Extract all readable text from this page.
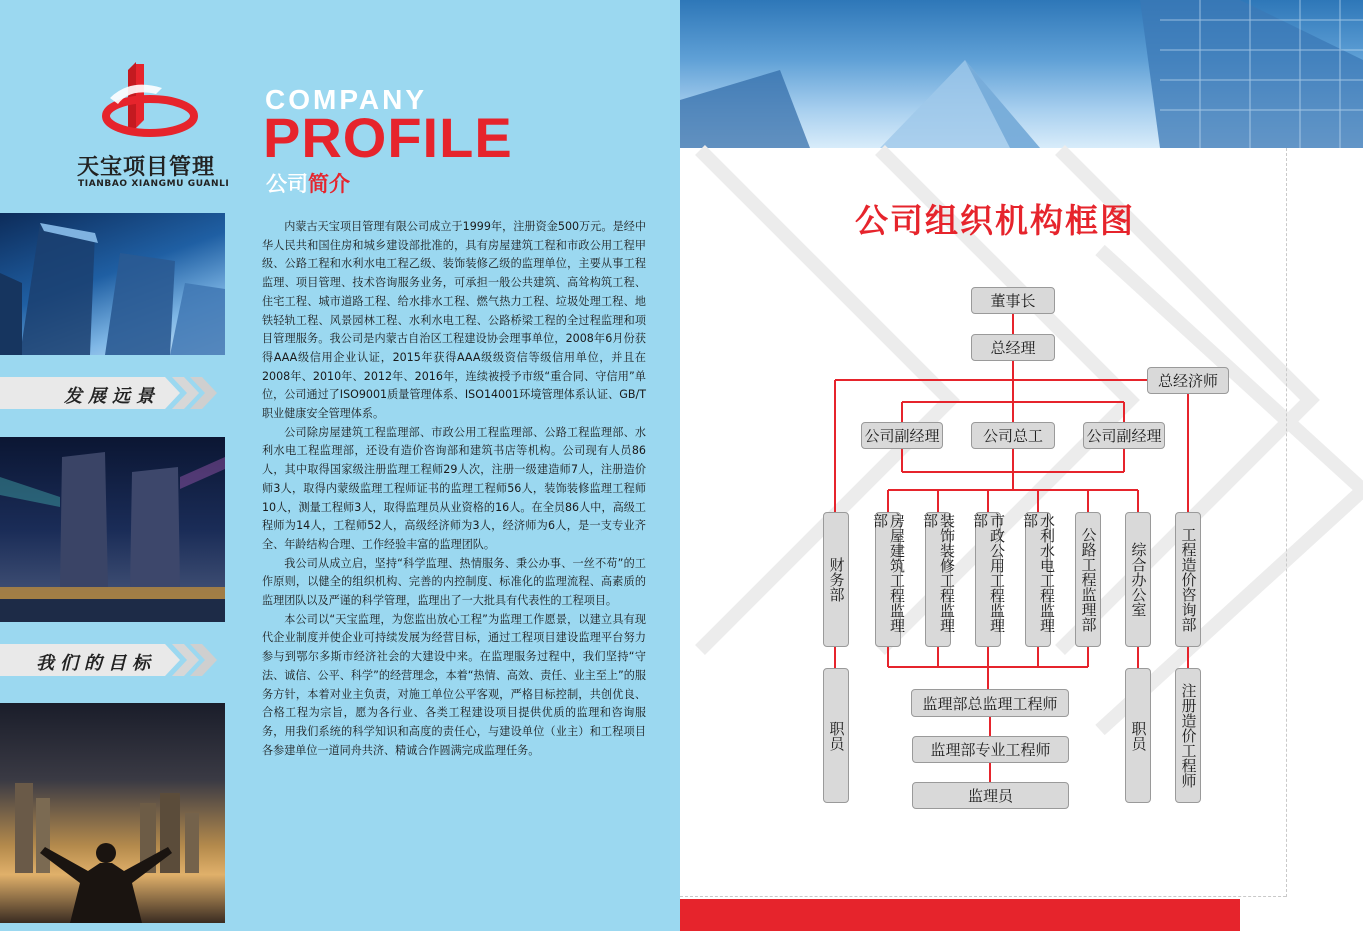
天宝项目管理
TIANBAO XIANGMU GUANLI
COMPANY
PROFILE
公司简介
发展远景
我们的目标

内蒙古天宝项目管理有限公司成立于1999年，注册资金500万元。是经中华人民共和国住房和城乡建设部批准的，具有房屋建筑工程和市政公用工程甲级、公路工程和水利水电工程乙级、装饰装修乙级的监理单位，主要从事工程监理、项目管理、技术咨询服务业务，可承担一般公共建筑、高耸构筑工程、住宅工程、城市道路工程、给水排水工程、燃气热力工程、垃圾处理工程、地铁轻轨工程、风景园林工程、水利水电工程、公路桥梁工程的全过程监理和项目管理服务。我公司是内蒙古自治区工程建设协会理事单位，2008年6月份获得AAA级信用企业认证，2015年获得AAA级级资信等级信用单位，并且在2008年、2010年、2012年、2016年，连续被授予市级“重合同、守信用”单位，公司通过了ISO9001质量管理体系、ISO14001环境管理体系认证、GB/T职业健康安全管理体系。

公司除房屋建筑工程监理部、市政公用工程监理部、公路工程监理部、水利水电工程监理部，还设有造价咨询部和建筑书店等机构。公司现有人员86人，其中取得国家级注册监理工程师29人次，注册一级建造师7人，注册造价师3人，取得内蒙级监理工程师证书的监理工程师56人，装饰装修监理工程师10人，测量工程师3人，取得监理员从业资格的16人。在全员86人中，高级工程师为14人，工程师52人，高级经济师为3人，经济师为6人，是一支专业齐全、年龄结构合理、工作经验丰富的监理团队。

我公司从成立启，坚持“科学监理、热情服务、秉公办事、一丝不苟”的工作原则，以健全的组织机构、完善的内控制度、标准化的监理流程、高素质的监理团队以及严谨的科学管理，监理出了一大批具有代表性的工程项目。

本公司以“天宝监理，为您监出放心工程”为监理工作愿景，以建立具有现代企业制度并使企业可持续发展为经营目标，通过工程项目建设监理平台努力参与到鄂尔多斯市经济社会的大建设中来。在监理服务过程中，我们坚持“守法、诚信、公平、科学”的经营理念，本着“热情、高效、责任、业主至上”的服务方针，本着对业主负责，对施工单位公平客观，严格目标控制，共创优良、合格工程为宗旨，愿为各行业、各类工程建设项目提供优质的监理和咨询服务，用我们系统的科学知识和高度的责任心，与建设单位（业主）和工程项目各参建单位一道同舟共济、精诚合作圆满完成监理任务。

公司组织机构框图
董事长
总经理
总经济师
公司副经理	公司总工	公司副经理
财务部	房屋建筑工程监理部	装饰装修工程监理部	市政公用工程监理部	水利水电工程监理部
公路工程监理部	综合办公室	工程造价咨询部
职员	职员	注册造价工程师
监理部总监理工程师
监理部专业工程师
监理员
